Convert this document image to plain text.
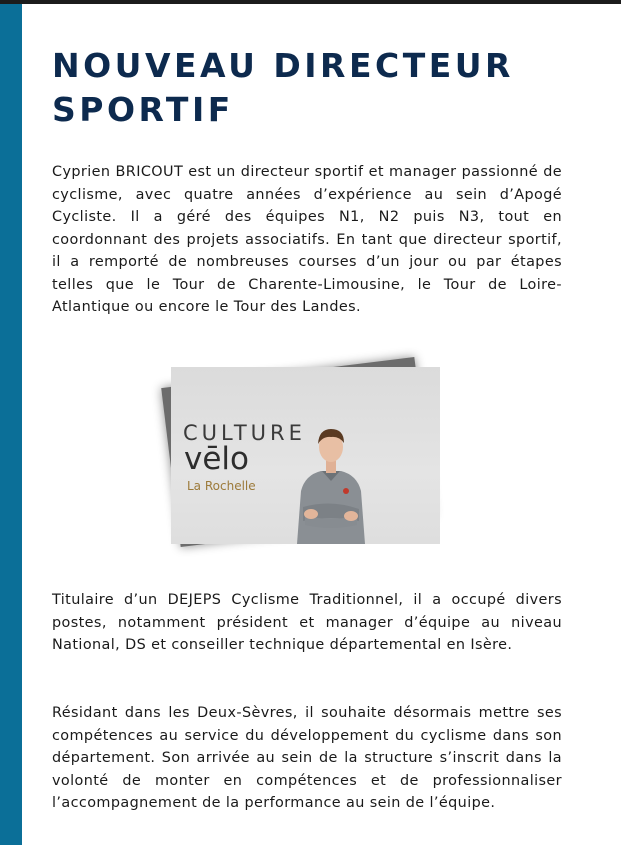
NOUVEAU DIRECTEUR SPORTIF

Cyprien BRICOUT est un directeur sportif et manager passionné de cyclisme, avec quatre années d’expérience au sein d’Apogé Cycliste. Il a géré des équipes N1, N2 puis N3, tout en coordonnant des projets associatifs. En tant que directeur sportif, il a remporté de nombreuses courses d’un jour ou par étapes telles que le Tour de Charente-Limousine, le Tour de Loire-Atlantique ou encore le Tour des Landes.

CULTURE
vēlo
La Rochelle

Titulaire d’un DEJEPS Cyclisme Traditionnel, il a occupé divers postes, notamment président et manager d’équipe au niveau National, DS et conseiller technique départemental en Isère.

Résidant dans les Deux-Sèvres, il souhaite désormais mettre ses compétences au service du développement du cyclisme dans son département. Son arrivée au sein de la structure s’inscrit dans la volonté de monter en compétences et de professionnaliser l’accompagnement de la performance au sein de l’équipe.
